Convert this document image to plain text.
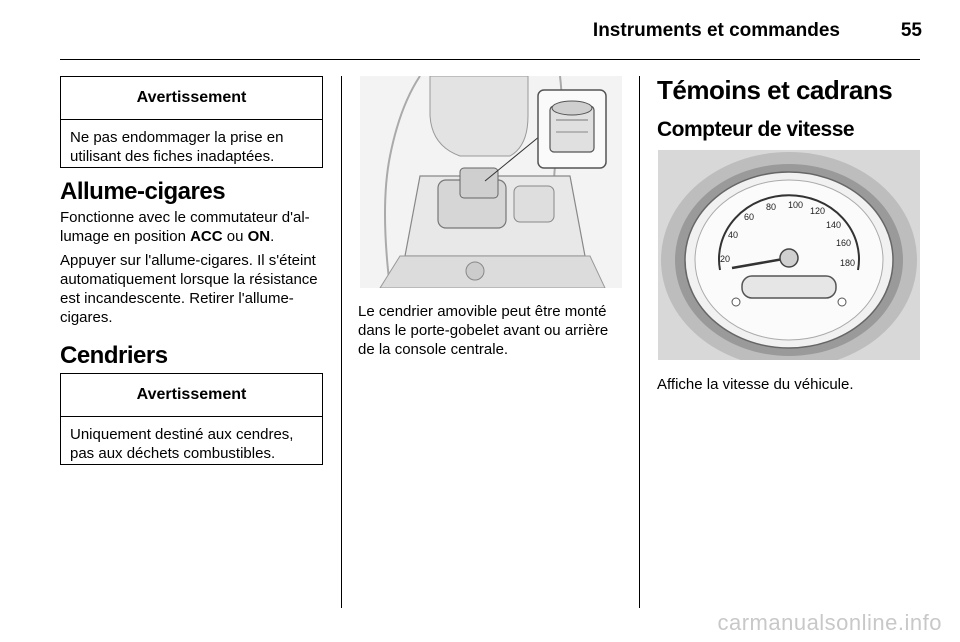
Instruments et commandes	55
Avertissement
Ne pas endommager la prise en utilisant des fiches inadaptées.
Allume-cigares
Fonctionne avec le commutateur d'allumage en position ACC ou ON.
Appuyer sur l'allume-cigares. Il s'éteint automatiquement lorsque la résistance est incandescente. Retirer l'allume-cigares.
Cendriers
Avertissement
Uniquement destiné aux cendres, pas aux déchets combustibles.
Le cendrier amovible peut être monté dans le porte-gobelet avant ou arrière de la console centrale.
Témoins et cadrans
Compteur de vitesse
20
40
60
80 100
120
140
160
180
Affiche la vitesse du véhicule.
carmanualsonline.info
